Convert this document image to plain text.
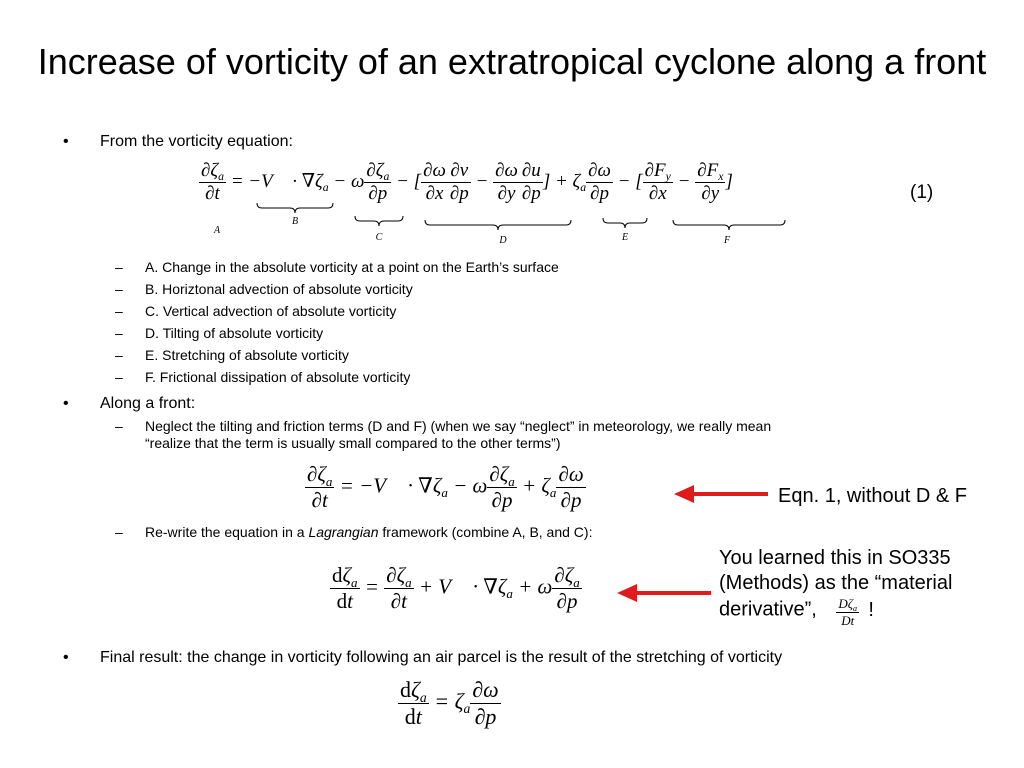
Increase of vorticity of an extratropical cyclone along a front
• From the vorticity equation:
$\frac{\partial\zeta_a}{\partial t}$ = −V⃗ · $\nabla\zeta_a - \omega \frac{\partial\zeta_a}{\partial p}$ − [ $\frac{\partial\omega}{\partial x} \frac{\partial v}{\partial p} - \frac{\partial\omega}{\partial y} \frac{\partial u}{\partial p}$ ] + $\zeta_a \frac{\partial\omega}{\partial p}$ − [ $\frac{\partial F_y}{\partial x} - \frac{\partial F_x}{\partial y}$ ]
A
B
C	D	E	F
(1)
– A. Change in the absolute vorticity at a point on the Earth’s surface
– B. Horiztonal advection of absolute vorticity
– C. Vertical advection of absolute vorticity
– D. Tilting of absolute vorticity
– E. Stretching of absolute vorticity
– F. Frictional dissipation of absolute vorticity
• Along a front:
– Neglect the tilting and friction terms (D and F) (when we say “neglect” in meteorology, we really mean
“realize that the term is usually small compared to the other terms”)
$\frac{\partial\zeta_a}{\partial t}$ = −V⃗ · $\nabla\zeta_a - \omega \frac{\partial\zeta_a}{\partial p} + \zeta_a \frac{\partial\omega}{\partial p}$	Eqn. 1, without D & F
– Re-write the equation in a Lagrangian framework (combine A, B, and C):
$\frac{d\zeta_a}{dt} = \frac{\partial\zeta_a}{\partial t}$ + V⃗ · $\nabla\zeta_a + \omega \frac{\partial\zeta_a}{\partial p}$
You learned this in SO335
(Methods) as the “material
derivative”, $\frac{D\zeta_a}{Dt}$ !
• Final result: the change in vorticity following an air parcel is the result of the stretching of vorticity
$\frac{d\zeta_a}{dt} = \zeta_a \frac{\partial\omega}{\partial p}$
